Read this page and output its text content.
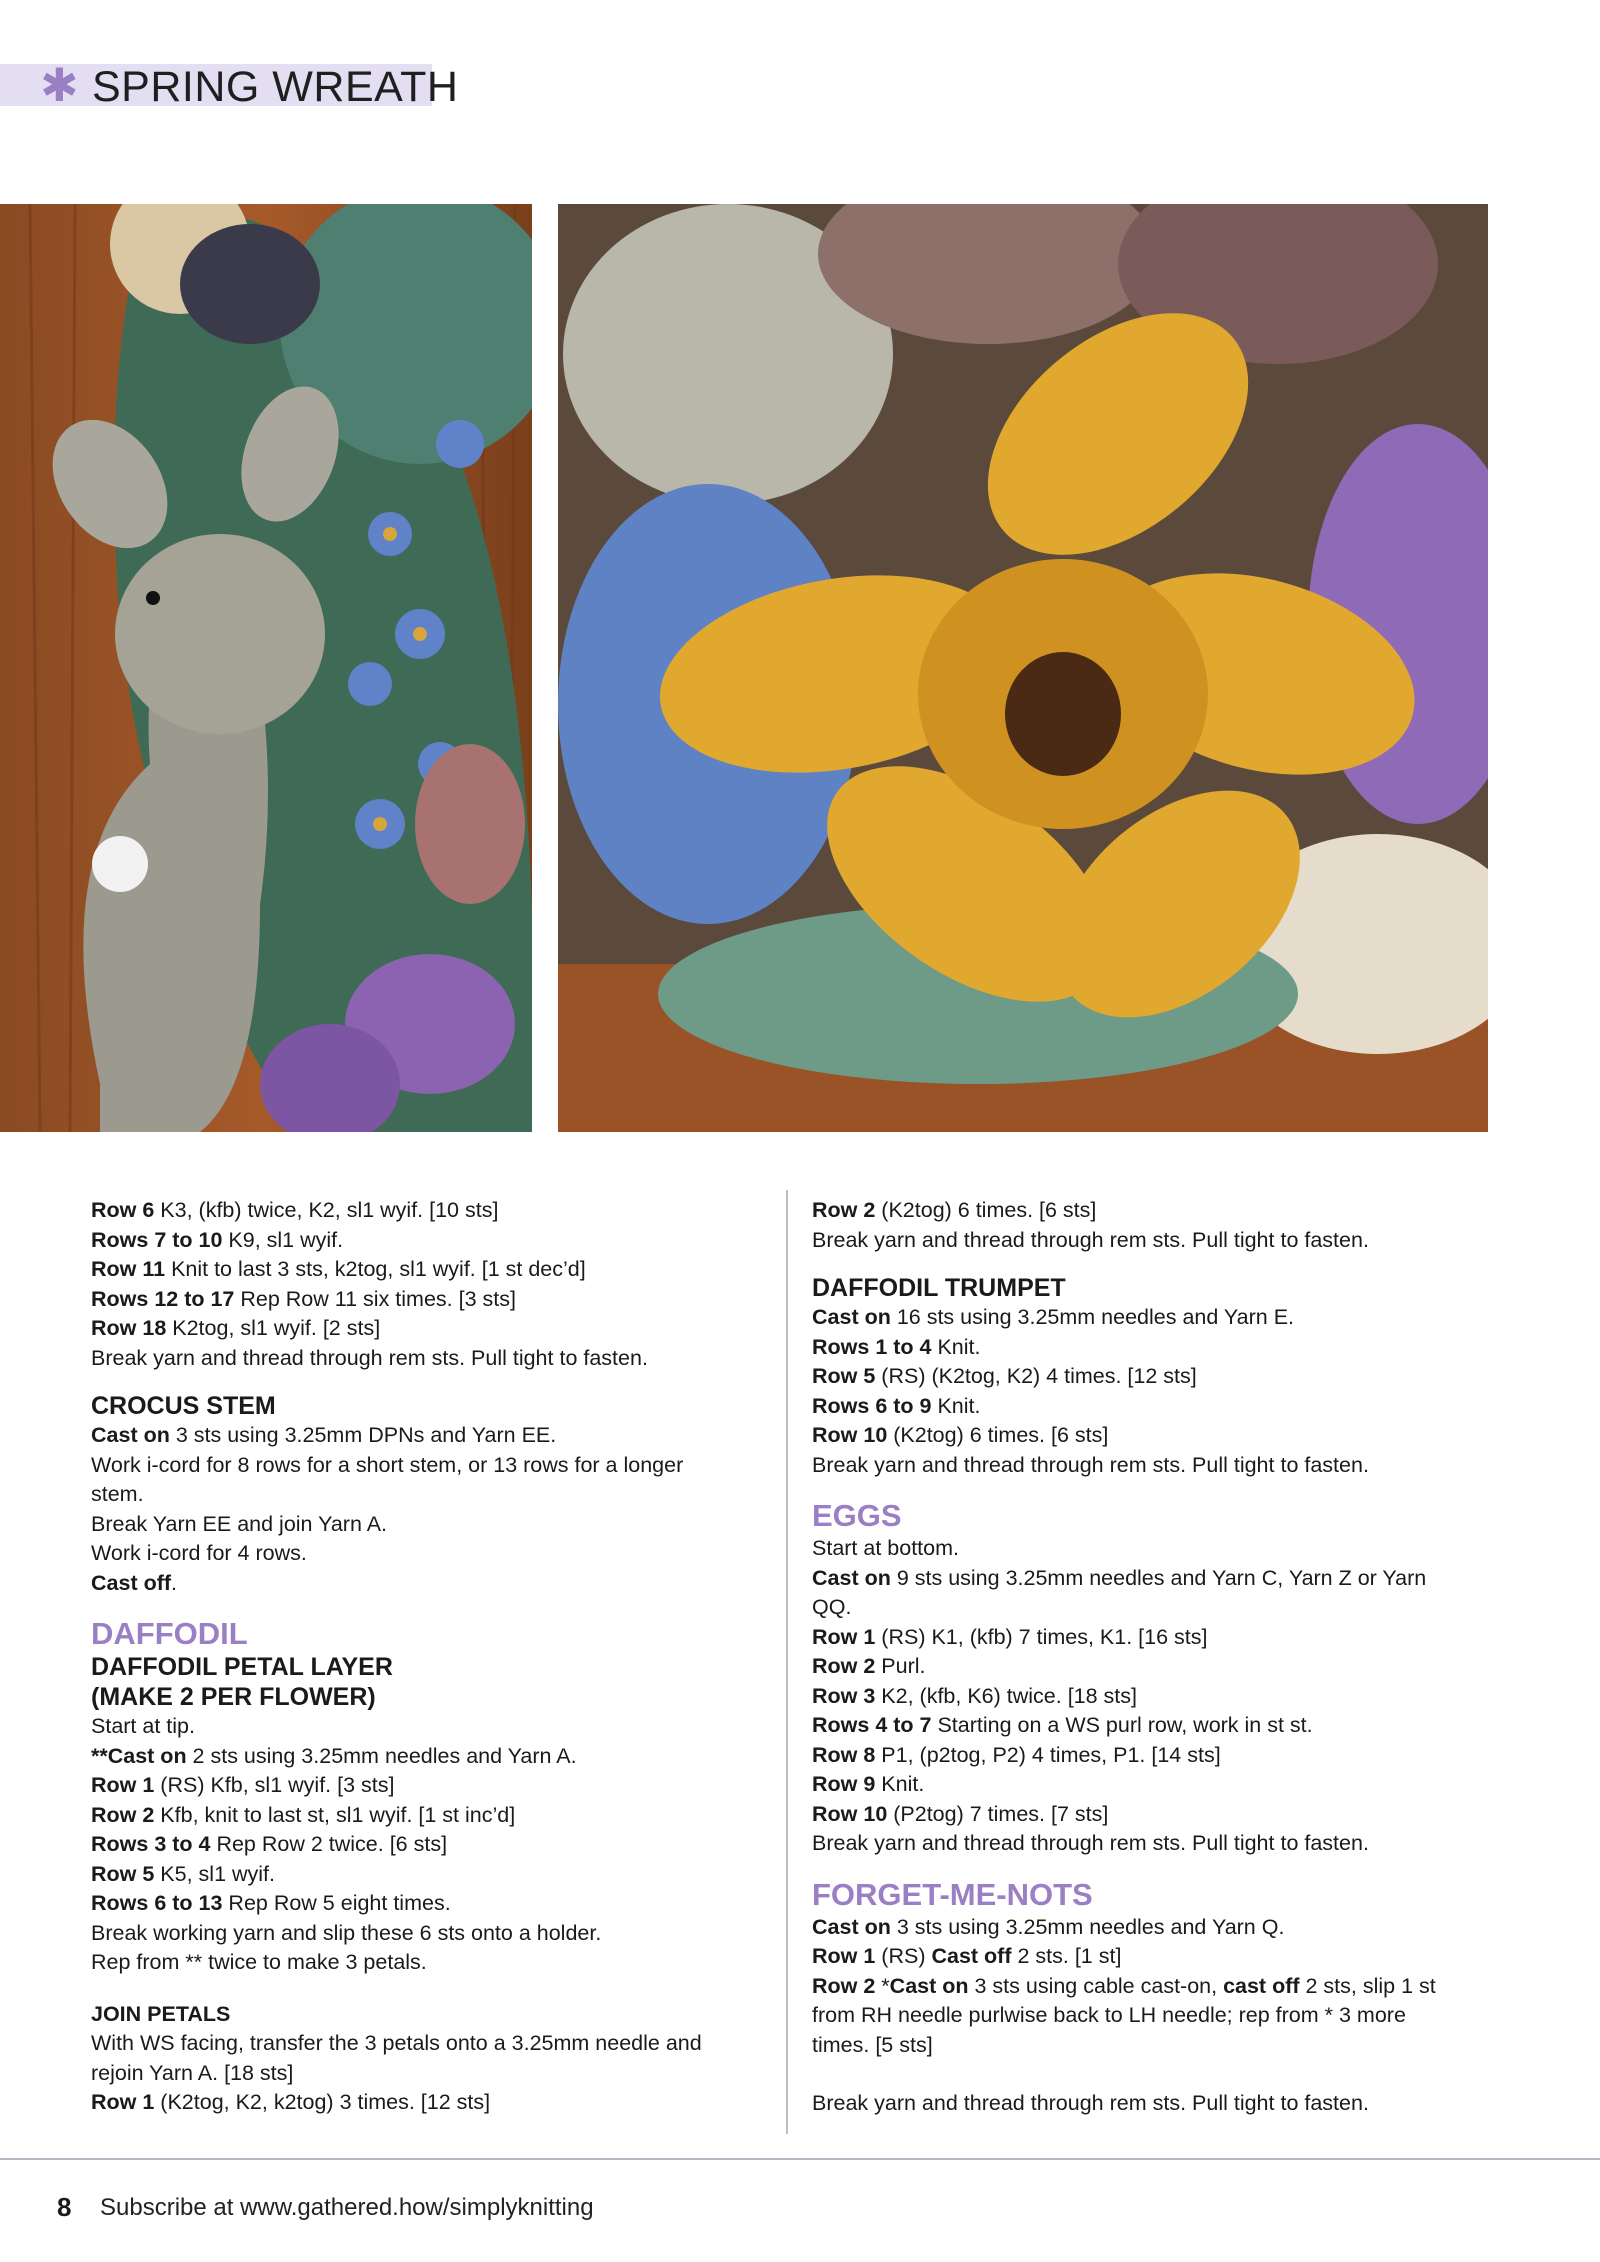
✱ SPRING WREATH

Row 6 K3, (kfb) twice, K2, sl1 wyif. [10 sts]

Rows 7 to 10 K9, sl1 wyif.

Row 11 Knit to last 3 sts, k2tog, sl1 wyif. [1 st dec’d]

Rows 12 to 17 Rep Row 11 six times. [3 sts]

Row 18 K2tog, sl1 wyif. [2 sts]

Break yarn and thread through rem sts. Pull tight to fasten.

CROCUS STEM

Cast on 3 sts using 3.25mm DPNs and Yarn EE.

Work i-cord for 8 rows for a short stem, or 13 rows for a longer

stem.

Break Yarn EE and join Yarn A.

Work i-cord for 4 rows.

Cast off.

DAFFODIL
DAFFODIL PETAL LAYER
(MAKE 2 PER FLOWER)

Start at tip.

**Cast on 2 sts using 3.25mm needles and Yarn A.

Row 1 (RS) Kfb, sl1 wyif. [3 sts]

Row 2 Kfb, knit to last st, sl1 wyif. [1 st inc’d]

Rows 3 to 4 Rep Row 2 twice. [6 sts]

Row 5 K5, sl1 wyif.

Rows 6 to 13 Rep Row 5 eight times.

Break working yarn and slip these 6 sts onto a holder.

Rep from ** twice to make 3 petals.

JOIN PETALS

With WS facing, transfer the 3 petals onto a 3.25mm needle and

rejoin Yarn A. [18 sts]

Row 1 (K2tog, K2, k2tog) 3 times. [12 sts]

Row 2 (K2tog) 6 times. [6 sts]

Break yarn and thread through rem sts. Pull tight to fasten.

DAFFODIL TRUMPET

Cast on 16 sts using 3.25mm needles and Yarn E.

Rows 1 to 4 Knit.

Row 5 (RS) (K2tog, K2) 4 times. [12 sts]

Rows 6 to 9 Knit.

Row 10 (K2tog) 6 times. [6 sts]

Break yarn and thread through rem sts. Pull tight to fasten.

EGGS

Start at bottom.

Cast on 9 sts using 3.25mm needles and Yarn C, Yarn Z or Yarn

QQ.

Row 1 (RS) K1, (kfb) 7 times, K1. [16 sts]

Row 2 Purl.

Row 3 K2, (kfb, K6) twice. [18 sts]

Rows 4 to 7 Starting on a WS purl row, work in st st.

Row 8 P1, (p2tog, P2) 4 times, P1. [14 sts]

Row 9 Knit.

Row 10 (P2tog) 7 times. [7 sts]

Break yarn and thread through rem sts. Pull tight to fasten.

FORGET-ME-NOTS

Cast on 3 sts using 3.25mm needles and Yarn Q.

Row 1 (RS) Cast off 2 sts. [1 st]

Row 2 *Cast on 3 sts using cable cast-on, cast off 2 sts, slip 1 st

from RH needle purlwise back to LH needle; rep from * 3 more

times. [5 sts]

Break yarn and thread through rem sts. Pull tight to fasten.

8 Subscribe at www.gathered.how/simplyknitting
